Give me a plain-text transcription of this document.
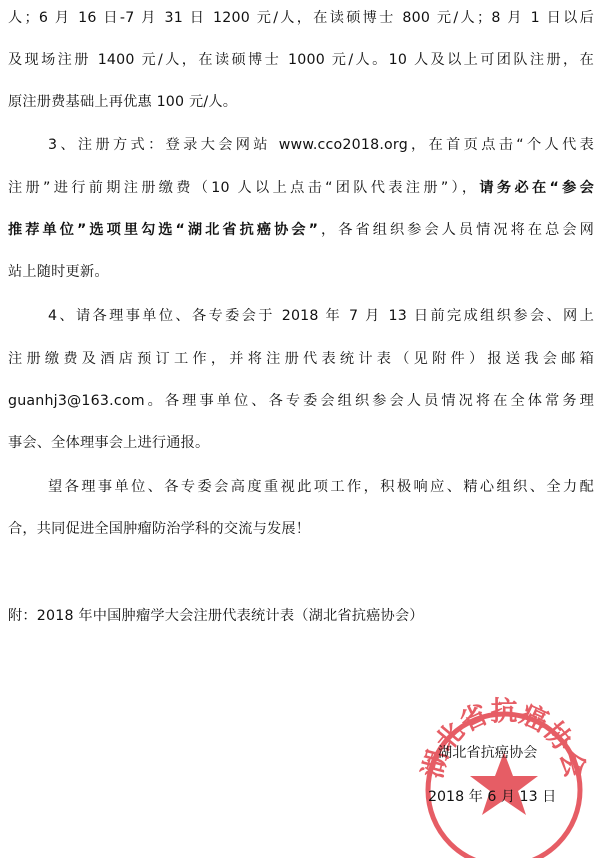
人；6 月 16 日-7 月 31 日 1200 元/人，在读硕博士 800 元/人；8 月 1 日以后
及现场注册 1400 元/人，在读硕博士 1000 元/人。10 人及以上可团队注册，在
原注册费基础上再优惠 100 元/人。
3、注册方式：登录大会网站 www.cco2018.org，在首页点击“个人代表
注册”进行前期注册缴费（10 人以上点击“团队代表注册”），请务必在“参会
推荐单位”选项里勾选“湖北省抗癌协会”，各省组织参会人员情况将在总会网
站上随时更新。
4、请各理事单位、各专委会于 2018 年 7 月 13 日前完成组织参会、网上
注册缴费及酒店预订工作，并将注册代表统计表（见附件）报送我会邮箱
guanhj3@163.com。各理事单位、各专委会组织参会人员情况将在全体常务理
事会、全体理事会上进行通报。
望各理事单位、各专委会高度重视此项工作，积极响应、精心组织、全力配
合，共同促进全国肿瘤防治学科的交流与发展！
附：2018 年中国肿瘤学大会注册代表统计表（湖北省抗癌协会）
湖北省抗癌协会
湖北省抗癌协会
2018 年 6 月 13 日
